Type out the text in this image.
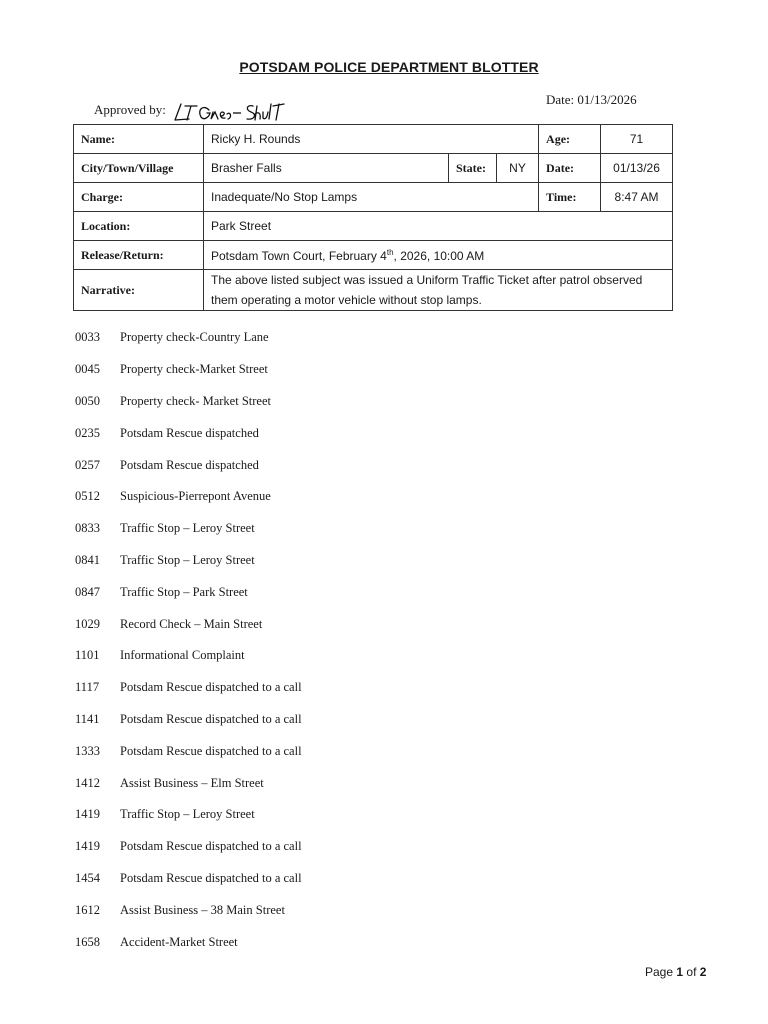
POTSDAM POLICE DEPARTMENT BLOTTER
Approved by:
Date: 01/13/2026
Name:	Ricky H. Rounds			Age:	71
City/Town/Village	Brasher Falls	State:	NY	Date:	01/13/26
Charge:	Inadequate/No Stop Lamps			Time:	8:47 AM
Location:	Park Street				
Release/Return:	Potsdam Town Court, February 4th, 2026, 10:00 AM				
Narrative:	The above listed subject was issued a Uniform Traffic Ticket after patrol observed them operating a motor vehicle without stop lamps.				
0033	Property check-Country Lane
0045	Property check-Market Street
0050	Property check- Market Street
0235	Potsdam Rescue dispatched
0257	Potsdam Rescue dispatched
0512	Suspicious-Pierrepont Avenue
0833	Traffic Stop – Leroy Street
0841	Traffic Stop – Leroy Street
0847	Traffic Stop – Park Street
1029	Record Check – Main Street
1101	Informational Complaint
1117	Potsdam Rescue dispatched to a call
1141	Potsdam Rescue dispatched to a call
1333	Potsdam Rescue dispatched to a call
1412	Assist Business – Elm Street
1419	Traffic Stop – Leroy Street
1419	Potsdam Rescue dispatched to a call
1454	Potsdam Rescue dispatched to a call
1612	Assist Business – 38 Main Street
1658	Accident-Market Street
Page 1 of 2
